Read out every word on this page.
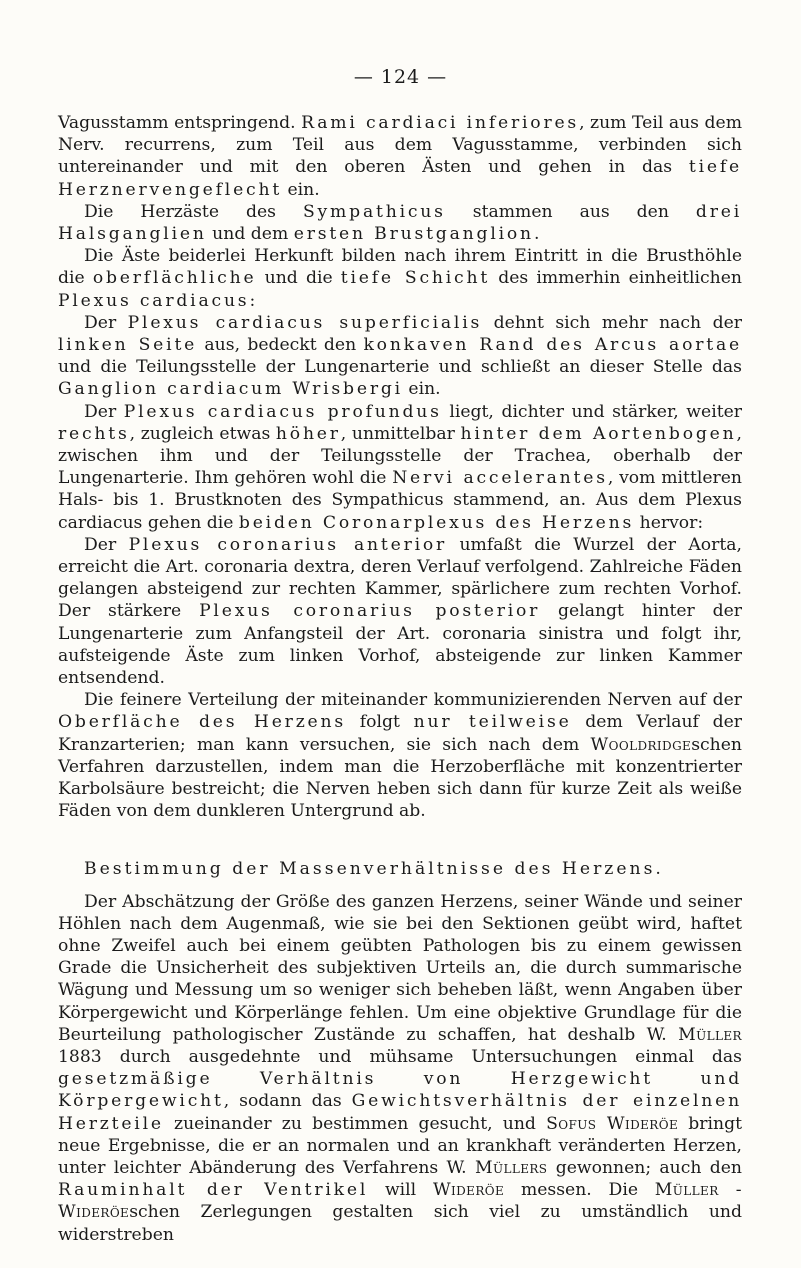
— 124 —

Vagusstamm entspringend. Rami cardiaci inferiores, zum Teil aus dem Nerv. recurrens, zum Teil aus dem Vagusstamme, verbinden sich untereinander und mit den oberen Ästen und gehen in das tiefe Herznervengeflecht ein.

Die Herzäste des Sympathicus stammen aus den drei Halsganglien und dem ersten Brustganglion.

Die Äste beiderlei Herkunft bilden nach ihrem Eintritt in die Brusthöhle die oberflächliche und die tiefe Schicht des immerhin einheitlichen Plexus cardiacus:

Der Plexus cardiacus superficialis dehnt sich mehr nach der linken Seite aus, bedeckt den konkaven Rand des Arcus aortae und die Teilungsstelle der Lungenarterie und schließt an dieser Stelle das Ganglion cardiacum Wrisbergi ein.

Der Plexus cardiacus profundus liegt, dichter und stärker, weiter rechts, zugleich etwas höher, unmittelbar hinter dem Aortenbogen, zwischen ihm und der Teilungsstelle der Trachea, oberhalb der Lungenarterie. Ihm gehören wohl die Nervi accelerantes, vom mittleren Hals- bis 1. Brustknoten des Sympathicus stammend, an. Aus dem Plexus cardiacus gehen die beiden Coronarplexus des Herzens hervor:

Der Plexus coronarius anterior umfaßt die Wurzel der Aorta, erreicht die Art. coronaria dextra, deren Verlauf verfolgend. Zahlreiche Fäden gelangen absteigend zur rechten Kammer, spärlichere zum rechten Vorhof. Der stärkere Plexus coronarius posterior gelangt hinter der Lungenarterie zum Anfangsteil der Art. coronaria sinistra und folgt ihr, aufsteigende Äste zum linken Vorhof, absteigende zur linken Kammer entsendend.

Die feinere Verteilung der miteinander kommunizierenden Nerven auf der Oberfläche des Herzens folgt nur teilweise dem Verlauf der Kranzarterien; man kann versuchen, sie sich nach dem Wooldridgeschen Verfahren darzustellen, indem man die Herzoberfläche mit konzentrierter Karbolsäure bestreicht; die Nerven heben sich dann für kurze Zeit als weiße Fäden von dem dunkleren Untergrund ab.

Bestimmung der Massenverhältnisse des Herzens.

Der Abschätzung der Größe des ganzen Herzens, seiner Wände und seiner Höhlen nach dem Augenmaß, wie sie bei den Sektionen geübt wird, haftet ohne Zweifel auch bei einem geübten Pathologen bis zu einem gewissen Grade die Unsicherheit des subjektiven Urteils an, die durch summarische Wägung und Messung um so weniger sich beheben läßt, wenn Angaben über Körpergewicht und Körperlänge fehlen. Um eine objektive Grundlage für die Beurteilung pathologischer Zustände zu schaffen, hat deshalb W. Müller 1883 durch ausgedehnte und mühsame Untersuchungen einmal das gesetzmäßige Verhältnis von Herzgewicht und Körpergewicht, sodann das Gewichtsverhältnis der einzelnen Herzteile zueinander zu bestimmen gesucht, und Sofus Wideröe bringt neue Ergebnisse, die er an normalen und an krankhaft veränderten Herzen, unter leichter Abänderung des Verfahrens W. Müllers gewonnen; auch den Rauminhalt der Ventrikel will Wideröe messen. Die Müller - Wideröeschen Zerlegungen gestalten sich viel zu umständlich und widerstreben
